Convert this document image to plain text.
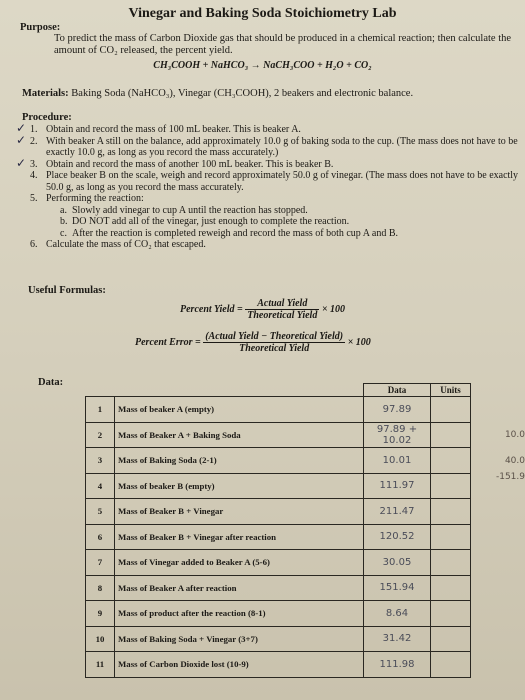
Vinegar and Baking Soda Stoichiometry Lab
Purpose:
To predict the mass of Carbon Dioxide gas that should be produced in a chemical reaction; then calculate the amount of CO₂ released, the percent yield.
CH₃COOH + NaHCO₃ → NaCH₃COO + H₂O + CO₂
Materials: Baking Soda (NaHCO₃), Vinegar (CH₃COOH), 2 beakers and electronic balance.
Procedure:
✓ 1. Obtain and record the mass of 100 mL beaker. This is beaker A.
✓ 2. With beaker A still on the balance, add approximately 10.0 g of baking soda to the cup. (The mass does not have to be exactly 10.0 g, as long as you record the mass accurately.)
✓ 3. Obtain and record the mass of another 100 mL beaker. This is beaker B.
4. Place beaker B on the scale, weigh and record approximately 50.0 g of vinegar. (The mass does not have to be exactly 50.0 g, as long as you record the mass accurately.
5. Performing the reaction:
a. Slowly add vinegar to cup A until the reaction has stopped.
b. DO NOT add all of the vinegar, just enough to complete the reaction.
c. After the reaction is completed reweigh and record the mass of both cup A and B.
6. Calculate the mass of CO₂ that escaped.
Useful Formulas:
Percent Yield = $\frac{\text{Actual Yield}}{\text{Theoretical Yield}} \times 100$
Percent Error = $\frac{\text{(Actual Yield − Theoretical Yield)}}{\text{Theoretical Yield}} \times 100$
Data:
		Data	Units
1	Mass of beaker A (empty)	97.89	
2	Mass of Beaker A + Baking Soda	97.89 + 10.02	
3	Mass of Baking Soda (2-1)	10.01	
4	Mass of beaker B (empty)	111.97	
5	Mass of Beaker B + Vinegar	211.47	
6	Mass of Beaker B + Vinegar after reaction	120.52	
7	Mass of Vinegar added to Beaker A (5-6)	30.05	
8	Mass of Beaker A after reaction	151.94	
9	Mass of product after the reaction (8-1)	8.64	
10	Mass of Baking Soda + Vinegar (3+7)	31.42	
11	Mass of Carbon Dioxide lost (10-9)	111.98	
10.0
40.0
-151.9
